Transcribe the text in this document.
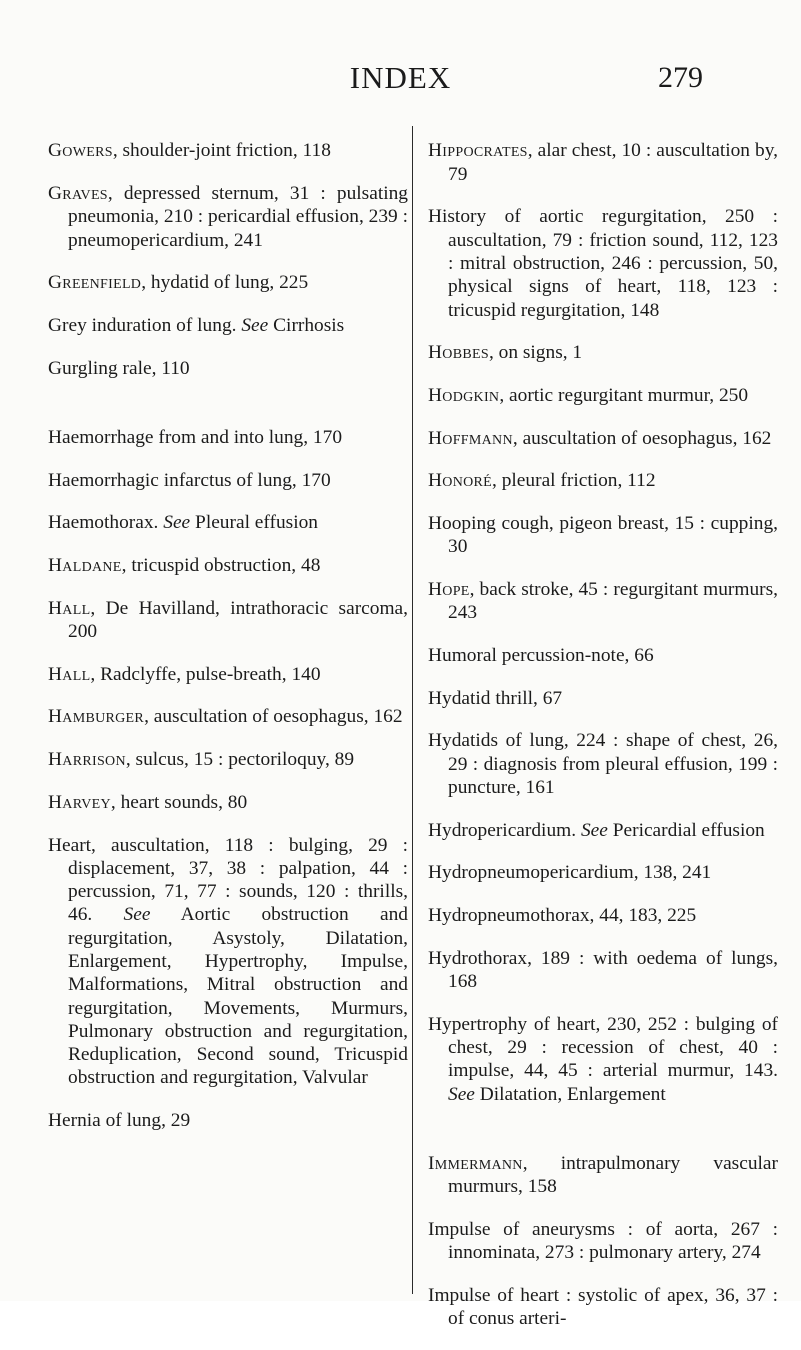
INDEX	279

Gowers, shoulder-joint friction, 118

Graves, depressed sternum, 31 : pulsating pneumonia, 210 : pericardial effusion, 239 : pneumopericardium, 241

Greenfield, hydatid of lung, 225

Grey induration of lung. See Cirrhosis

Gurgling rale, 110

Haemorrhage from and into lung, 170

Haemorrhagic infarctus of lung, 170

Haemothorax. See Pleural effusion

Haldane, tricuspid obstruction, 48

Hall, De Havilland, intrathoracic sarcoma, 200

Hall, Radclyffe, pulse-breath, 140

Hamburger, auscultation of oesophagus, 162

Harrison, sulcus, 15 : pectoriloquy, 89

Harvey, heart sounds, 80

Heart, auscultation, 118 : bulging, 29 : displacement, 37, 38 : palpation, 44 : percussion, 71, 77 : sounds, 120 : thrills, 46. See Aortic obstruction and regurgitation, Asystoly, Dilatation, Enlargement, Hypertrophy, Impulse, Malformations, Mitral obstruction and regurgitation, Movements, Murmurs, Pulmonary obstruction and regurgitation, Reduplication, Second sound, Tricuspid obstruction and regurgitation, Valvular

Hernia of lung, 29

Hippocrates, alar chest, 10 : auscultation by, 79

History of aortic regurgitation, 250 : auscultation, 79 : friction sound, 112, 123 : mitral obstruction, 246 : percussion, 50, physical signs of heart, 118, 123 : tricuspid regurgitation, 148

Hobbes, on signs, 1

Hodgkin, aortic regurgitant murmur, 250

Hoffmann, auscultation of oesophagus, 162

Honoré, pleural friction, 112

Hooping cough, pigeon breast, 15 : cupping, 30

Hope, back stroke, 45 : regurgitant murmurs, 243

Humoral percussion-note, 66

Hydatid thrill, 67

Hydatids of lung, 224 : shape of chest, 26, 29 : diagnosis from pleural effusion, 199 : puncture, 161

Hydropericardium. See Pericardial effusion

Hydropneumopericardium, 138, 241

Hydropneumothorax, 44, 183, 225

Hydrothorax, 189 : with oedema of lungs, 168

Hypertrophy of heart, 230, 252 : bulging of chest, 29 : recession of chest, 40 : impulse, 44, 45 : arterial murmur, 143. See Dilatation, Enlargement

Immermann, intrapulmonary vascular murmurs, 158

Impulse of aneurysms : of aorta, 267 : innominata, 273 : pulmonary artery, 274

Impulse of heart : systolic of apex, 36, 37 : of conus arteri-
